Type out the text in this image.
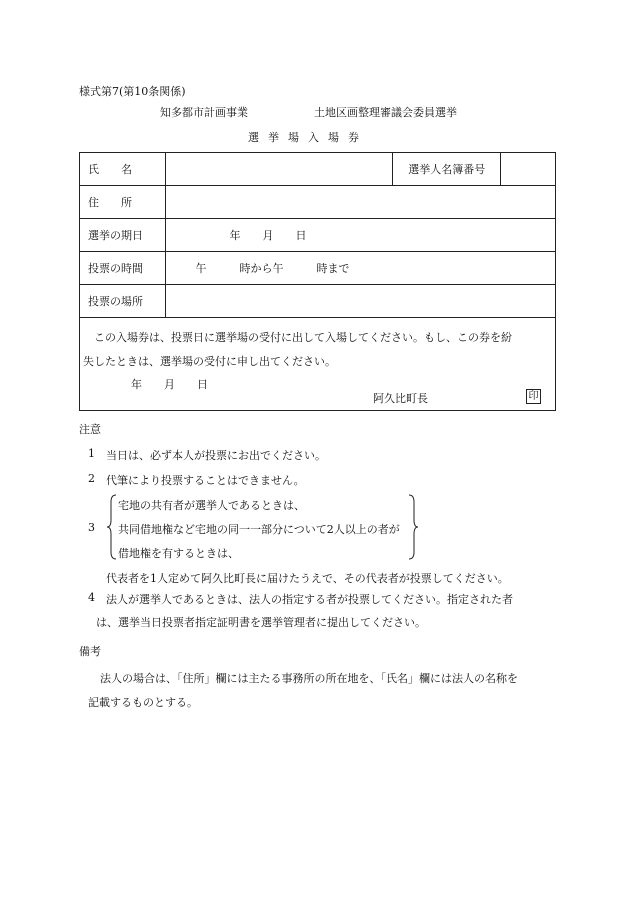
様式第7(第10条関係)
知多都市計画事業	土地区画整理審議会委員選挙
選挙場入場券
氏　　名		選挙人名簿番号	
住　　所			
選挙の期日	年　　月　　日		
投票の時間	午　　　時から午　　　時まで		
投票の場所			

この入場券は、投票日に選挙場の受付に出して入場してください。もし、この券を紛
失したときは、選挙場の受付に申し出てください。
年　　月　　日
阿久比町長 印			
注意
1 当日は、必ず本人が投票にお出でください。
2 代筆により投票することはできません。
3
宅地の共有者が選挙人であるときは、
共同借地権など宅地の同一一部分について2人以上の者が
借地権を有するときは、
代表者を1人定めて阿久比町長に届けたうえで、その代表者が投票してください。
4 法人が選挙人であるときは、法人の指定する者が投票してください。指定された者
は、選挙当日投票者指定証明書を選挙管理者に提出してください。
備考
法人の場合は、「住所」欄には主たる事務所の所在地を、「氏名」欄には法人の名称を
記載するものとする。
